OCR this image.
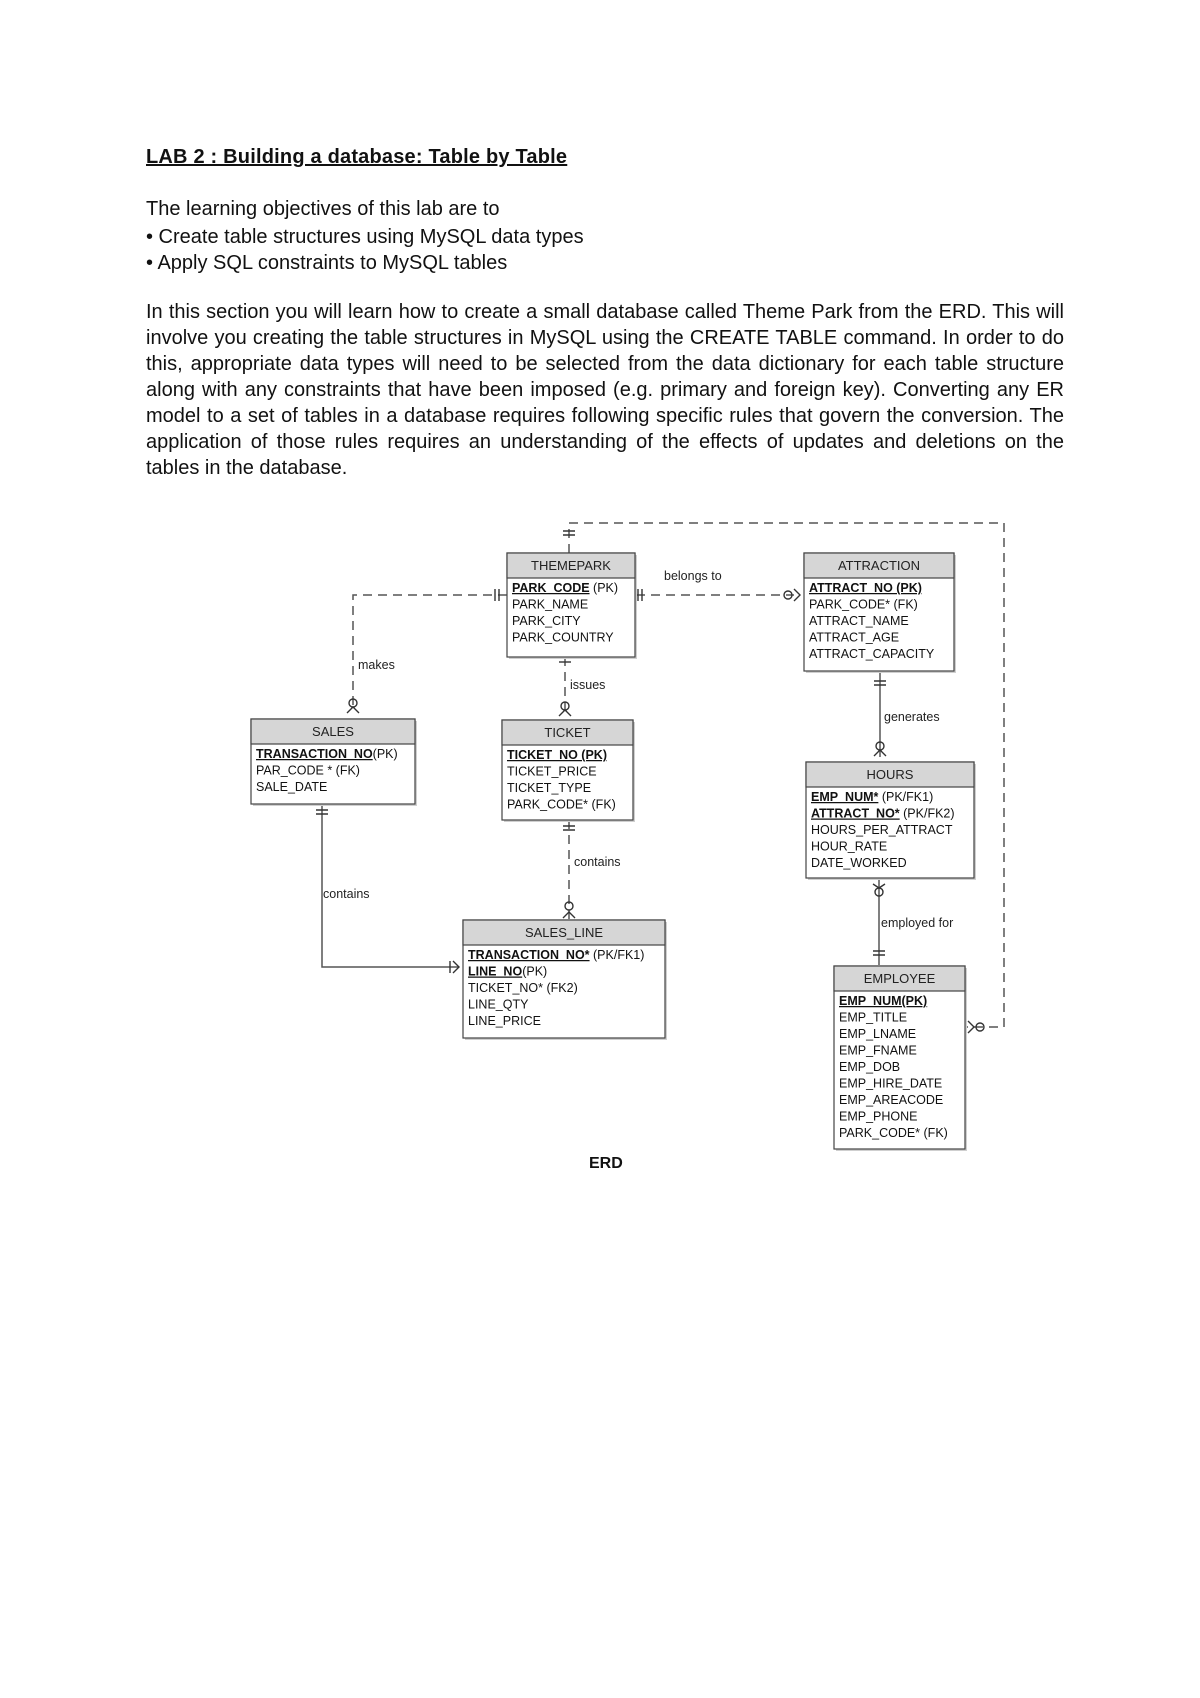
LAB 2 : Building a database: Table by Table

The learning objectives of this lab are to

• Create table structures using MySQL data types
• Apply SQL constraints to MySQL tables

In this section you will learn how to create a small database called Theme Park from the ERD. This will involve you creating the table structures in MySQL using the CREATE TABLE command. In order to do this, appropriate data types will need to be selected from the data dictionary for each table structure along with any constraints that have been imposed (e.g. primary and foreign key). Converting any ER model to a set of tables in a database requires following specific rules that govern the conversion. The application of those rules requires an understanding of the effects of updates and deletions on the tables in the database.

belongs to
makes
issues
generates
contains
contains
employed for
THEMEPARK
PARK_CODE (PK)
PARK_NAME
PARK_CITY
PARK_COUNTRY
ATTRACTION
ATTRACT_NO (PK)
PARK_CODE* (FK)
ATTRACT_NAME
ATTRACT_AGE
ATTRACT_CAPACITY
SALES
TRANSACTION_NO(PK)
PAR_CODE * (FK)
SALE_DATE
TICKET
TICKET_NO (PK)
TICKET_PRICE
TICKET_TYPE
PARK_CODE* (FK)
HOURS
EMP_NUM* (PK/FK1)
ATTRACT_NO* (PK/FK2)
HOURS_PER_ATTRACT
HOUR_RATE
DATE_WORKED
SALES_LINE
TRANSACTION_NO* (PK/FK1)
LINE_NO(PK)
TICKET_NO* (FK2)
LINE_QTY
LINE_PRICE
EMPLOYEE
EMP_NUM(PK)
EMP_TITLE
EMP_LNAME
EMP_FNAME
EMP_DOB
EMP_HIRE_DATE
EMP_AREACODE
EMP_PHONE
PARK_CODE* (FK)

ERD
